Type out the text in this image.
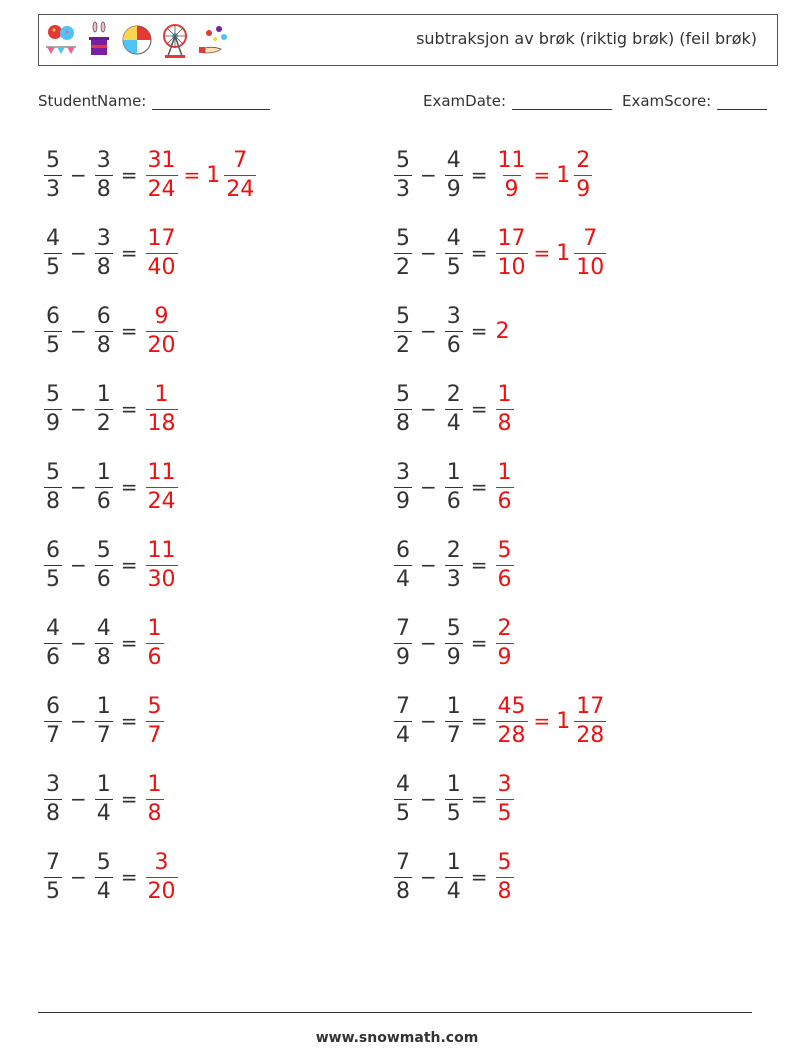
subtraksjon av brøk (riktig brøk) (feil brøk)
StudentName:	ExamDate:	ExamScore:
$\frac{5}{3} - \frac{3}{8} = \frac{31}{24} = 1 \frac{7}{24}$	$\frac{5}{3} - \frac{4}{9} = \frac{11}{9} = 1 \frac{2}{9}$
$\frac{4}{5} - \frac{3}{8} = \frac{17}{40}$	$\frac{5}{2} - \frac{4}{5} = \frac{17}{10} = 1 \frac{7}{10}$
$\frac{6}{5} - \frac{6}{8} = \frac{9}{20}$	$\frac{5}{2} - \frac{3}{6} = 2$
$\frac{5}{9} - \frac{1}{2} = \frac{1}{18}$	$\frac{5}{8} - \frac{2}{4} = \frac{1}{8}$
$\frac{5}{8} - \frac{1}{6} = \frac{11}{24}$	$\frac{3}{9} - \frac{1}{6} = \frac{1}{6}$
$\frac{6}{5} - \frac{5}{6} = \frac{11}{30}$	$\frac{6}{4} - \frac{2}{3} = \frac{5}{6}$
$\frac{4}{6} - \frac{4}{8} = \frac{1}{6}$	$\frac{7}{9} - \frac{5}{9} = \frac{2}{9}$
$\frac{6}{7} - \frac{1}{7} = \frac{5}{7}$	$\frac{7}{4} - \frac{1}{7} = \frac{45}{28} = 1 \frac{17}{28}$
$\frac{3}{8} - \frac{1}{4} = \frac{1}{8}$	$\frac{4}{5} - \frac{1}{5} = \frac{3}{5}$
$\frac{7}{5} - \frac{5}{4} = \frac{3}{20}$	$\frac{7}{8} - \frac{1}{4} = \frac{5}{8}$
www.snowmath.com
